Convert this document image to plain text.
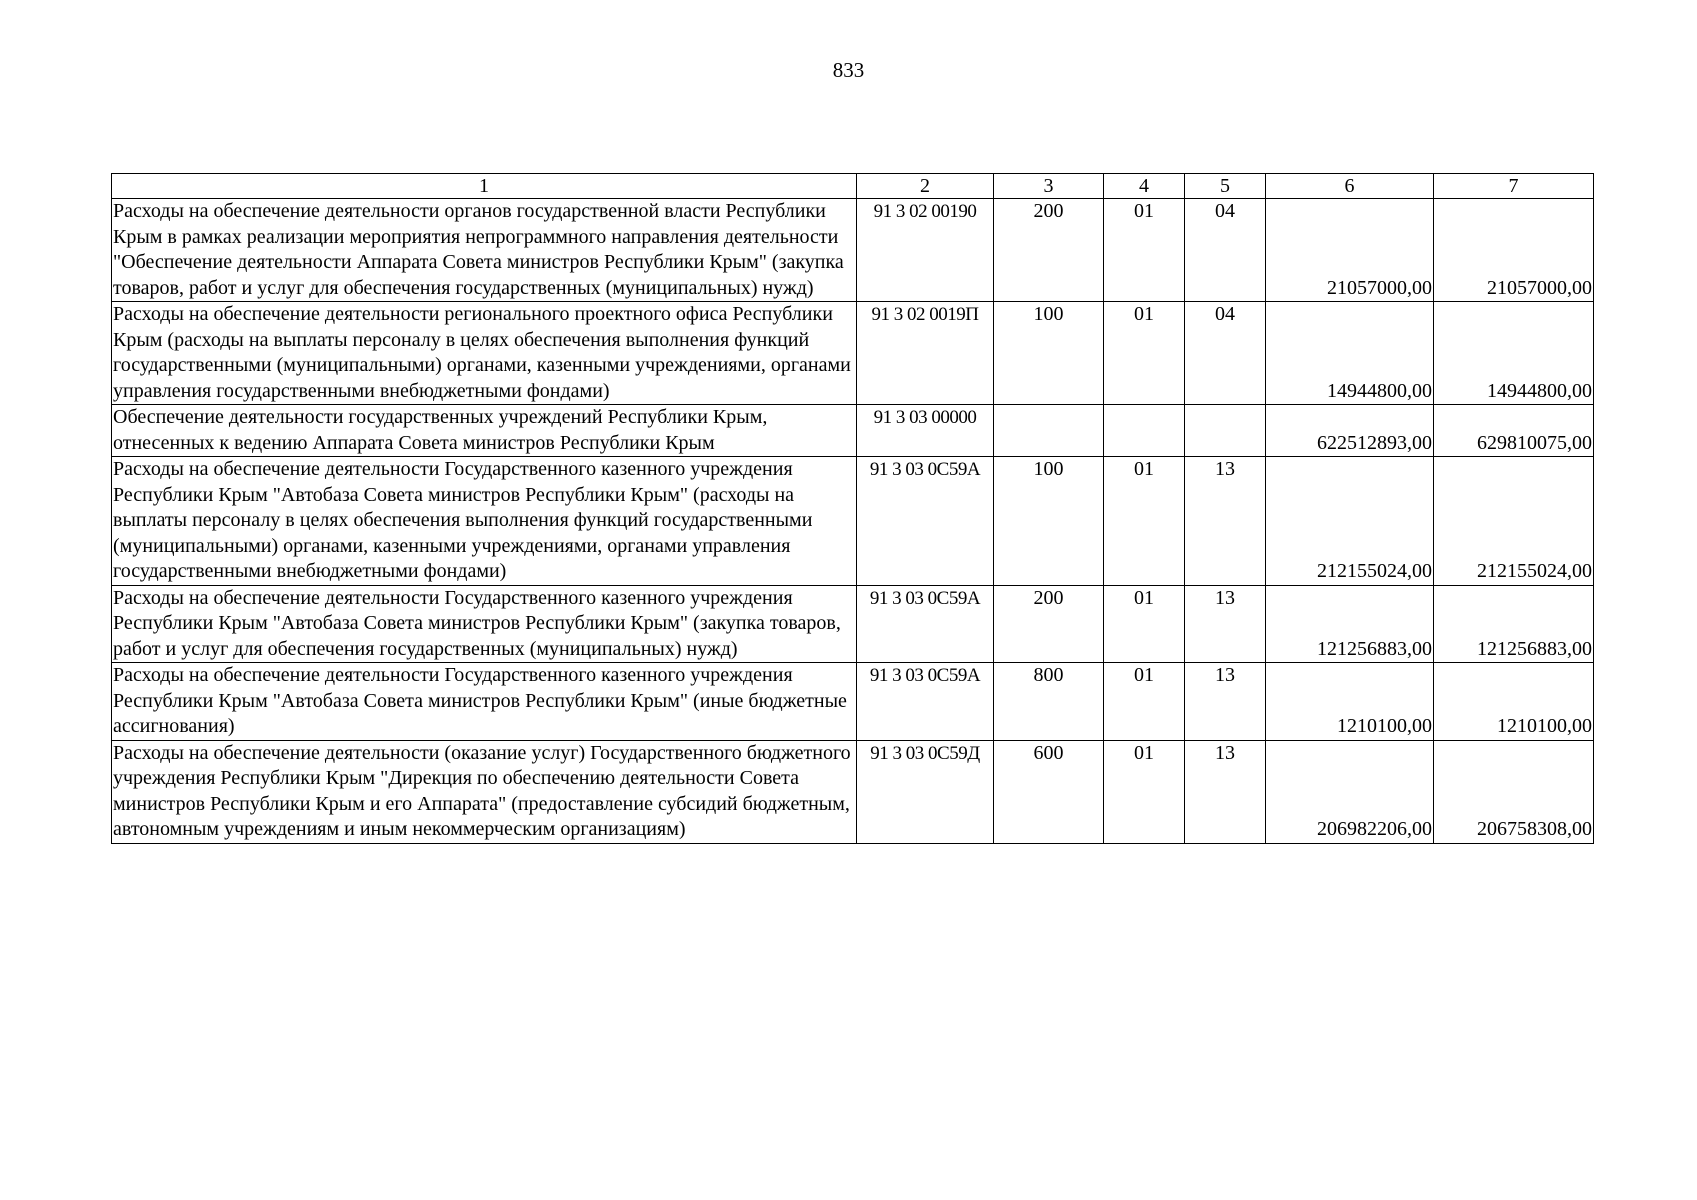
833
1	2	3	4	5	6	7
Расходы на обеспечение деятельности органов государственной власти Республики Крым в рамках реализации мероприятия непрограммного направления деятельности "Обеспечение деятельности Аппарата Совета министров Республики Крым" (закупка товаров, работ и услуг для обеспечения государственных (муниципальных) нужд)	91 3 02 00190	200	01	04	21057000,00	21057000,00
Расходы на обеспечение деятельности регионального проектного офиса Республики Крым (расходы на выплаты персоналу в целях обеспечения выполнения функций государственными (муниципальными) органами, казенными учреждениями, органами управления государственными внебюджетными фондами)	91 3 02 0019П	100	01	04	14944800,00	14944800,00
Обеспечение деятельности государственных учреждений Республики Крым, отнесенных к ведению Аппарата Совета министров Республики Крым	91 3 03 00000				622512893,00	629810075,00
Расходы на обеспечение деятельности Государственного казенного учреждения Республики Крым "Автобаза Совета министров Республики Крым" (расходы на выплаты персоналу в целях обеспечения выполнения функций государственными (муниципальными) органами, казенными учреждениями, органами управления государственными внебюджетными фондами)	91 3 03 0С59А	100	01	13	212155024,00	212155024,00
Расходы на обеспечение деятельности Государственного казенного учреждения Республики Крым "Автобаза Совета министров Республики Крым" (закупка товаров, работ и услуг для обеспечения государственных (муниципальных) нужд)	91 3 03 0С59А	200	01	13	121256883,00	121256883,00
Расходы на обеспечение деятельности Государственного казенного учреждения Республики Крым "Автобаза Совета министров Республики Крым" (иные бюджетные ассигнования)	91 3 03 0С59А	800	01	13	1210100,00	1210100,00
Расходы на обеспечение деятельности (оказание услуг) Государственного бюджетного учреждения Республики Крым "Дирекция по обеспечению деятельности Совета министров Республики Крым и его Аппарата" (предоставление субсидий бюджетным, автономным учреждениям и иным некоммерческим организациям)	91 3 03 0С59Д	600	01	13	206982206,00	206758308,00
